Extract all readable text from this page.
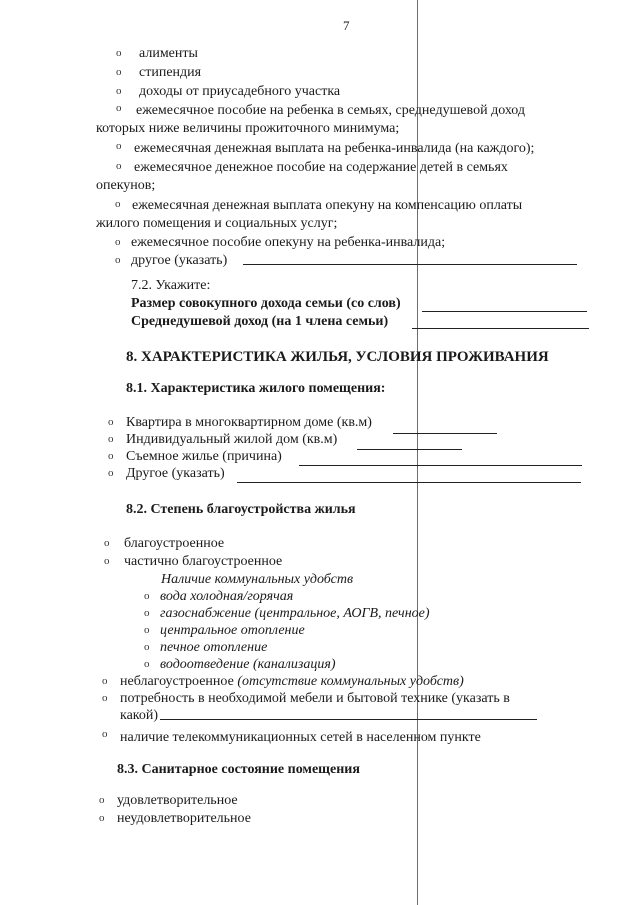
7
o алименты
o стипендия
o доходы от приусадебного участка
o ежемесячное пособие на ребенка в семьях, среднедушевой доход
которых ниже величины прожиточного минимума;
o ежемесячная денежная выплата на ребенка-инвалида (на каждого);
o ежемесячное денежное пособие на содержание детей в семьях
опекунов;
o ежемесячная денежная выплата опекуну на компенсацию оплаты
жилого помещения и социальных услуг;
o ежемесячное пособие опекуну на ребенка-инвалида;
o другое (указать)
7.2. Укажите:
Размер совокупного дохода семьи (со слов)
Среднедушевой доход (на 1 члена семьи)
8. ХАРАКТЕРИСТИКА ЖИЛЬЯ, УСЛОВИЯ ПРОЖИВАНИЯ
8.1. Характеристика жилого помещения:
o Квартира в многоквартирном доме (кв.м)
o Индивидуальный жилой дом (кв.м)
o Съемное жилье (причина)
o Другое (указать)
8.2. Степень благоустройства жилья
o благоустроенное
o частично благоустроенное
Наличие коммунальных удобств
o вода холодная/горячая
o газоснабжение (центральное, АОГВ, печное)
o центральное отопление
o печное отопление
o водоотведение (канализация)
o неблагоустроенное (отсутствие коммунальных удобств)
o потребность в необходимой мебели и бытовой технике (указать в
какой)
o наличие телекоммуникационных сетей в населенном пункте
8.3. Санитарное состояние помещения
o удовлетворительное
o неудовлетворительное
